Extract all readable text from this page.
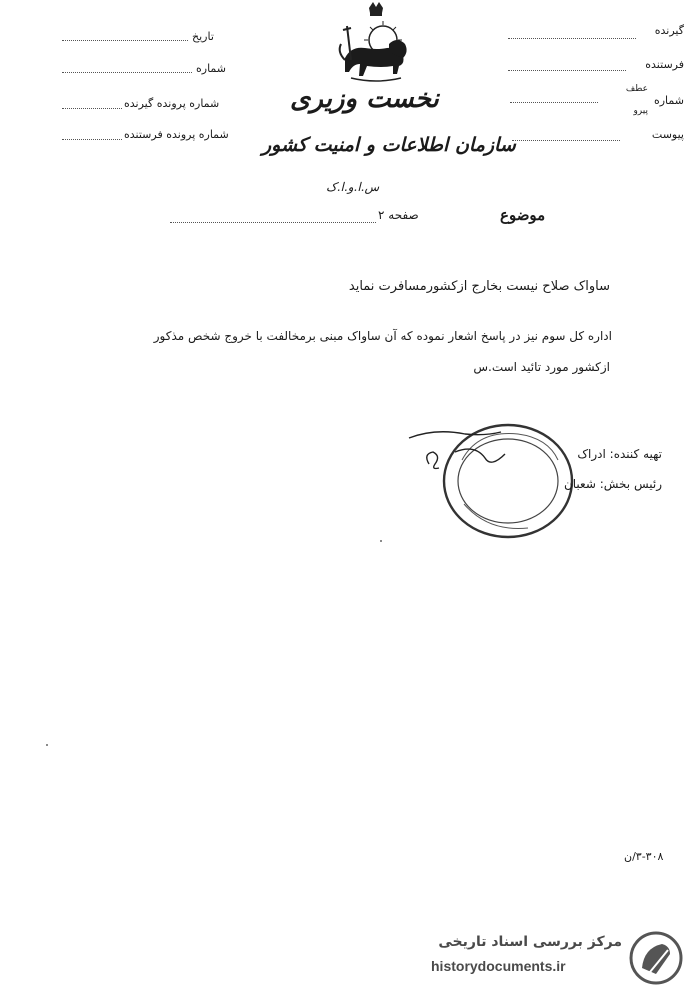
گیرنده
فرستنده
شماره
عطف
پیرو
پیوست
تاریخ
شماره
شماره پرونده گیرنده
شماره پرونده فرستنده
نخست وزیری
سازمان اطلاعات و امنیت کشور
س.ا.و.ا.ک
موضوع
صفحه ۲
ساواک صلاح نیست بخارج ازکشورمسافرت نماید
اداره کل سوم نیز در پاسخ اشعار نموده که آن ساواک مبنی برمخالفت با خروج شخص مذکور
ازکشور مورد تائید است.س
تهیه کننده: ادراک
رئیس بخش: شعبان
۳-۳۰۸/ن
مرکز بررسی اسناد تاریخی
historydocuments.ir
